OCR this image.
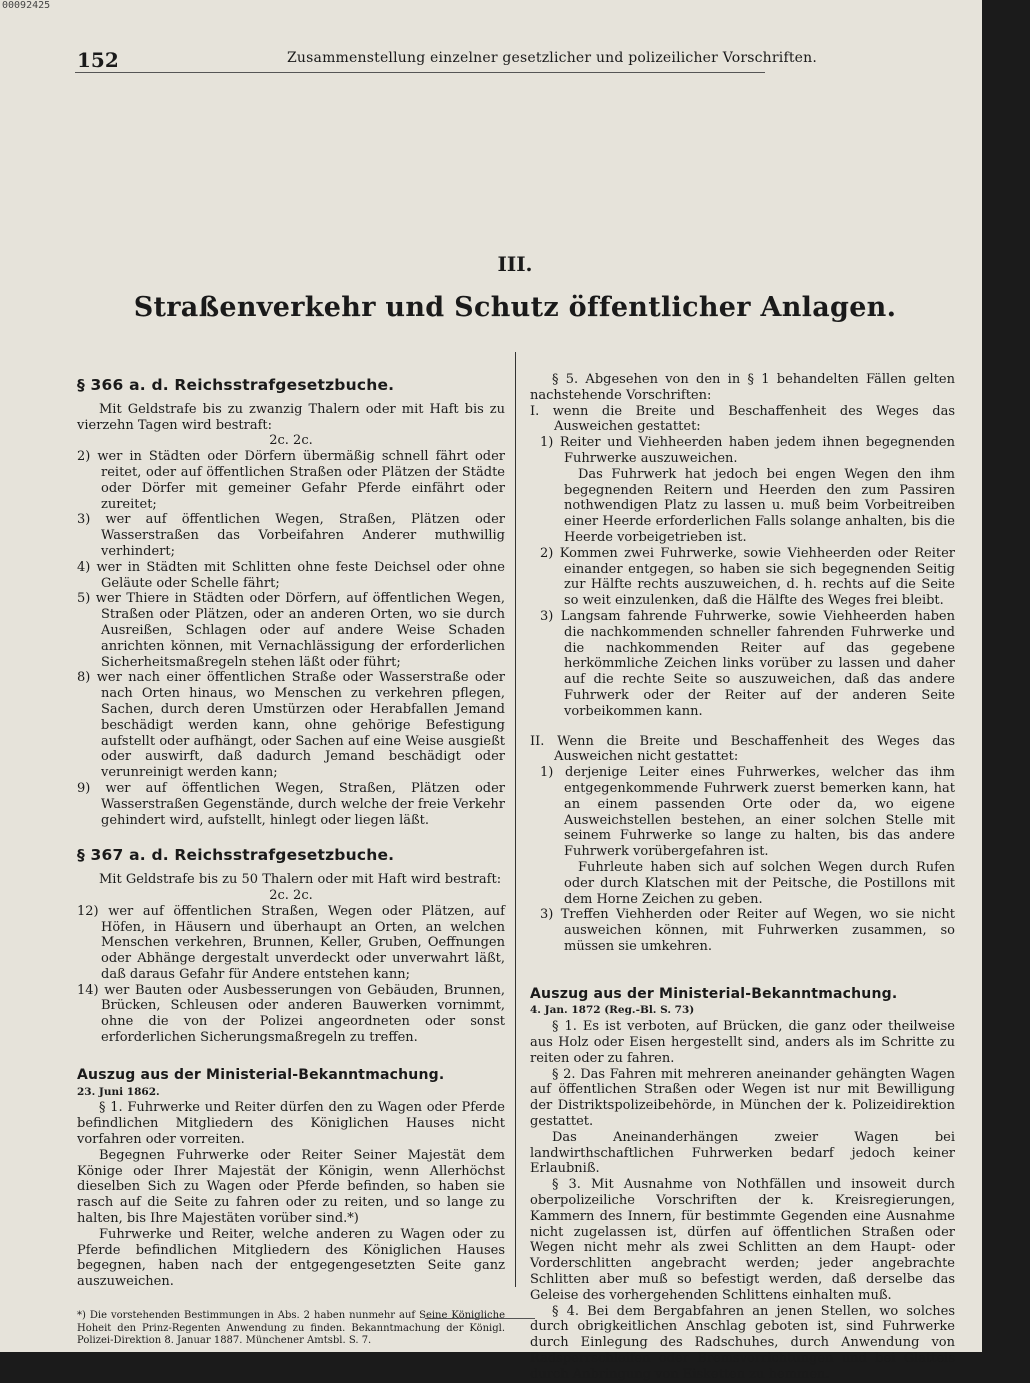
00092425
152	Zusammenstellung einzelner gesetzlicher und polizeilicher Vorschriften.
III.
Straßenverkehr und Schutz öffentlicher Anlagen.
§ 366 a. d. Reichsstrafgesetzbuche.

Mit Geldstrafe bis zu zwanzig Thalern oder mit Haft bis zu vierzehn Tagen wird bestraft:

2c. 2c.

2) wer in Städten oder Dörfern übermäßig schnell fährt oder reitet, oder auf öffentlichen Straßen oder Plätzen der Städte oder Dörfer mit gemeiner Gefahr Pferde einfährt oder zureitet;

3) wer auf öffentlichen Wegen, Straßen, Plätzen oder Wasserstraßen das Vorbeifahren Anderer muthwillig verhindert;

4) wer in Städten mit Schlitten ohne feste Deichsel oder ohne Geläute oder Schelle fährt;

5) wer Thiere in Städten oder Dörfern, auf öffentlichen Wegen, Straßen oder Plätzen, oder an anderen Orten, wo sie durch Ausreißen, Schlagen oder auf andere Weise Schaden anrichten können, mit Vernachlässigung der erforderlichen Sicherheitsmaßregeln stehen läßt oder führt;

8) wer nach einer öffentlichen Straße oder Wasserstraße oder nach Orten hinaus, wo Menschen zu verkehren pflegen, Sachen, durch deren Umstürzen oder Herabfallen Jemand beschädigt werden kann, ohne gehörige Befestigung aufstellt oder aufhängt, oder Sachen auf eine Weise ausgießt oder auswirft, daß dadurch Jemand beschädigt oder verunreinigt werden kann;

9) wer auf öffentlichen Wegen, Straßen, Plätzen oder Wasserstraßen Gegenstände, durch welche der freie Verkehr gehindert wird, aufstellt, hinlegt oder liegen läßt.

§ 367 a. d. Reichsstrafgesetzbuche.

Mit Geldstrafe bis zu 50 Thalern oder mit Haft wird bestraft:

2c. 2c.

12) wer auf öffentlichen Straßen, Wegen oder Plätzen, auf Höfen, in Häusern und überhaupt an Orten, an welchen Menschen verkehren, Brunnen, Keller, Gruben, Oeffnungen oder Abhänge dergestalt unverdeckt oder unverwahrt läßt, daß daraus Gefahr für Andere entstehen kann;

14) wer Bauten oder Ausbesserungen von Gebäuden, Brunnen, Brücken, Schleusen oder anderen Bauwerken vornimmt, ohne die von der Polizei angeordneten oder sonst erforderlichen Sicherungsmaßregeln zu treffen.

Auszug aus der Ministerial-Bekanntmachung.

23. Juni 1862.

§ 1. Fuhrwerke und Reiter dürfen den zu Wagen oder Pferde befindlichen Mitgliedern des Königlichen Hauses nicht vorfahren oder vorreiten.

Begegnen Fuhrwerke oder Reiter Seiner Majestät dem Könige oder Ihrer Majestät der Königin, wenn Allerhöchst dieselben Sich zu Wagen oder Pferde befinden, so haben sie rasch auf die Seite zu fahren oder zu reiten, und so lange zu halten, bis Ihre Majestäten vorüber sind.*)

Fuhrwerke und Reiter, welche anderen zu Wagen oder zu Pferde befindlichen Mitgliedern des Königlichen Hauses begegnen, haben nach der entgegengesetzten Seite ganz auszuweichen.

*) Die vorstehenden Bestimmungen in Abs. 2 haben nunmehr auf Seine Königliche Hoheit den Prinz-Regenten Anwendung zu finden. Bekanntmachung der Königl. Polizei-Direktion 8. Januar 1887. Münchener Amtsbl. S. 7.

§ 5. Abgesehen von den in § 1 behandelten Fällen gelten nachstehende Vorschriften:

I. wenn die Breite und Beschaffenheit des Weges das Ausweichen gestattet:

1) Reiter und Viehheerden haben jedem ihnen begegnenden Fuhrwerke auszuweichen.

Das Fuhrwerk hat jedoch bei engen Wegen den ihm begegnenden Reitern und Heerden den zum Passiren nothwendigen Platz zu lassen u. muß beim Vorbeitreiben einer Heerde erforderlichen Falls solange anhalten, bis die Heerde vorbeigetrieben ist.

2) Kommen zwei Fuhrwerke, sowie Viehheerden oder Reiter einander entgegen, so haben sie sich begegnenden Seitig zur Hälfte rechts auszuweichen, d. h. rechts auf die Seite so weit einzulenken, daß die Hälfte des Weges frei bleibt.

3) Langsam fahrende Fuhrwerke, sowie Viehheerden haben die nachkommenden schneller fahrenden Fuhrwerke und die nachkommenden Reiter auf das gegebene herkömmliche Zeichen links vorüber zu lassen und daher auf die rechte Seite so auszuweichen, daß das andere Fuhrwerk oder der Reiter auf der anderen Seite vorbeikommen kann.

II. Wenn die Breite und Beschaffenheit des Weges das Ausweichen nicht gestattet:

1) derjenige Leiter eines Fuhrwerkes, welcher das ihm entgegenkommende Fuhrwerk zuerst bemerken kann, hat an einem passenden Orte oder da, wo eigene Ausweichstellen bestehen, an einer solchen Stelle mit seinem Fuhrwerke so lange zu halten, bis das andere Fuhrwerk vorübergefahren ist.

Fuhrleute haben sich auf solchen Wegen durch Rufen oder durch Klatschen mit der Peitsche, die Postillons mit dem Horne Zeichen zu geben.

3) Treffen Viehherden oder Reiter auf Wegen, wo sie nicht ausweichen können, mit Fuhrwerken zusammen, so müssen sie umkehren.

Auszug aus der Ministerial-Bekanntmachung.

4. Jan. 1872 (Reg.-Bl. S. 73)

§ 1. Es ist verboten, auf Brücken, die ganz oder theilweise aus Holz oder Eisen hergestellt sind, anders als im Schritte zu reiten oder zu fahren.

§ 2. Das Fahren mit mehreren aneinander gehängten Wagen auf öffentlichen Straßen oder Wegen ist nur mit Bewilligung der Distriktspolizeibehörde, in München der k. Polizeidirektion gestattet.

Das Aneinanderhängen zweier Wagen bei landwirthschaftlichen Fuhrwerken bedarf jedoch keiner Erlaubniß.

§ 3. Mit Ausnahme von Nothfällen und insoweit durch oberpolizeiliche Vorschriften der k. Kreisregierungen, Kammern des Innern, für bestimmte Gegenden eine Ausnahme nicht zugelassen ist, dürfen auf öffentlichen Straßen oder Wegen nicht mehr als zwei Schlitten an dem Haupt- oder Vorderschlitten angebracht werden; jeder angebrachte Schlitten aber muß so befestigt werden, daß derselbe das Geleise des vorhergehenden Schlittens einhalten muß.

§ 4. Bei dem Bergabfahren an jenen Stellen, wo solches durch obrigkeitlichen Anschlag geboten ist, sind Fuhrwerke durch Einlegung des Radschuhes, durch Anwendung von Radsperrschleifen oder Bremsvorrichtungen und bei Glatteis durch Anbringung von Eisketten zu hemmen.
